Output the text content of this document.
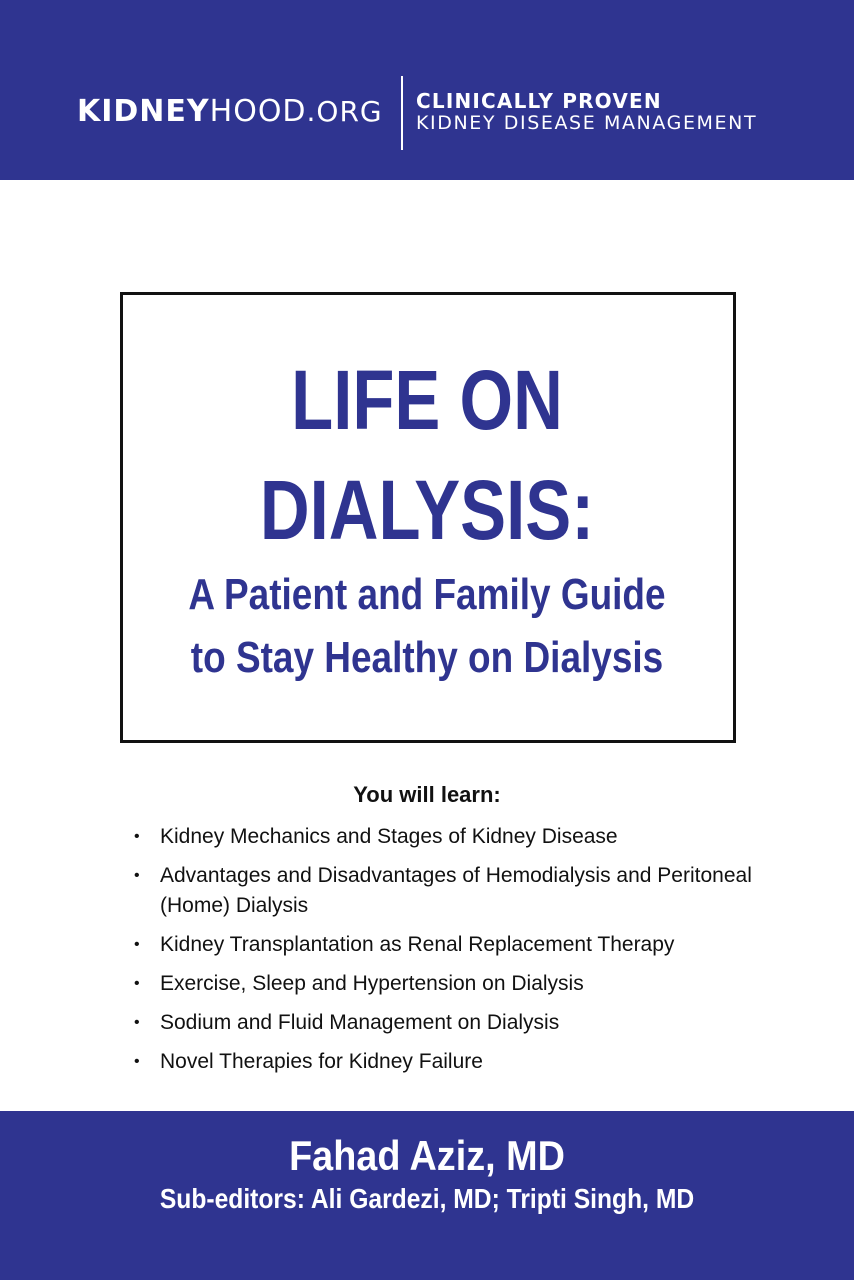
KIDNEYHOOD.ORG CLINICALLY PROVEN
KIDNEY DISEASE MANAGEMENT
LIFE ON
DIALYSIS:
A Patient and Family Guide
to Stay Healthy on Dialysis
You will learn:
• Kidney Mechanics and Stages of Kidney Disease
• Advantages and Disadvantages of Hemodialysis and Peritoneal (Home) Dialysis
• Kidney Transplantation as Renal Replacement Therapy
• Exercise, Sleep and Hypertension on Dialysis
• Sodium and Fluid Management on Dialysis
• Novel Therapies for Kidney Failure
Fahad Aziz, MD
Sub-editors: Ali Gardezi, MD; Tripti Singh, MD
